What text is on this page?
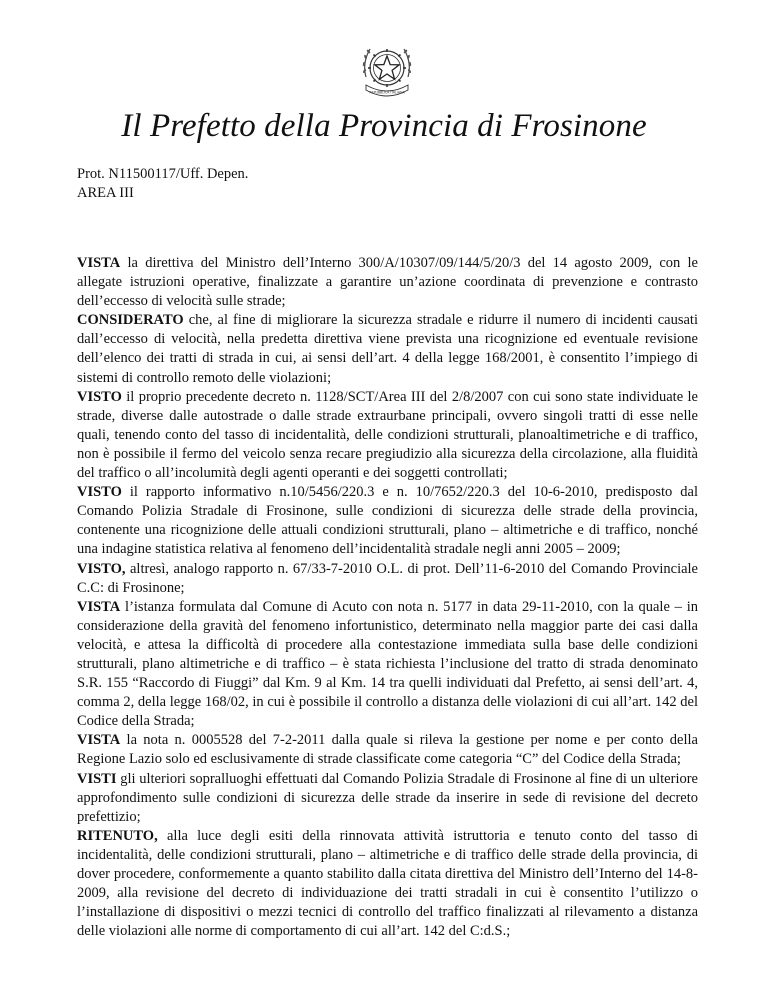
REPUBBLICA ITALIANA
Il Prefetto della Provincia di Frosinone
Prot. N11500117/Uff. Depen.
AREA III

VISTA la direttiva del Ministro dell’Interno 300/A/10307/09/144/5/20/3 del 14 agosto 2009, con le allegate istruzioni operative, finalizzate a garantire un’azione coordinata di prevenzione e contrasto dell’eccesso di velocità sulle strade;

CONSIDERATO che, al fine di migliorare la sicurezza stradale e ridurre il numero di incidenti causati dall’eccesso di velocità, nella predetta direttiva viene prevista una ricognizione ed eventuale revisione dell’elenco dei tratti di strada in cui, ai sensi dell’art. 4 della legge 168/2001, è consentito l’impiego di sistemi di controllo remoto delle violazioni;

VISTO il proprio precedente decreto n. 1128/SCT/Area III del 2/8/2007 con cui sono state individuate le strade, diverse dalle autostrade o dalle strade extraurbane principali, ovvero singoli tratti di esse nelle quali, tenendo conto del tasso di incidentalità, delle condizioni strutturali, planoaltimetriche e di traffico, non è possibile il fermo del veicolo senza recare pregiudizio alla sicurezza della circolazione, alla fluidità del traffico o all’incolumità degli agenti operanti e dei soggetti controllati;

VISTO il rapporto informativo n.10/5456/220.3 e n. 10/7652/220.3 del 10-6-2010, predisposto dal Comando Polizia Stradale di Frosinone, sulle condizioni di sicurezza delle strade della provincia, contenente una ricognizione delle attuali condizioni strutturali, plano – altimetriche e di traffico, nonché una indagine statistica relativa al fenomeno dell’incidentalità stradale negli anni 2005 – 2009;

VISTO, altresì, analogo rapporto n. 67/33-7-2010 O.L. di prot. Dell’11-6-2010 del Comando Provinciale C.C: di Frosinone;

VISTA l’istanza formulata dal Comune di Acuto con nota n. 5177 in data 29-11-2010, con la quale – in considerazione della gravità del fenomeno infortunistico, determinato nella maggior parte dei casi dalla velocità, e attesa la difficoltà di procedere alla contestazione immediata sulla base delle condizioni strutturali, plano altimetriche e di traffico – è stata richiesta l’inclusione del tratto di strada denominato S.R. 155 “Raccordo di Fiuggi” dal Km. 9 al Km. 14 tra quelli individuati dal Prefetto, ai sensi dell’art. 4, comma 2, della legge 168/02, in cui è possibile il controllo a distanza delle violazioni di cui all’art. 142 del Codice della Strada;

VISTA la nota n. 0005528 del 7-2-2011 dalla quale si rileva la gestione per nome e per conto della Regione Lazio solo ed esclusivamente di strade classificate come categoria “C” del Codice della Strada;

VISTI gli ulteriori sopralluoghi effettuati dal Comando Polizia Stradale di Frosinone al fine di un ulteriore approfondimento sulle condizioni di sicurezza delle strade da inserire in sede di revisione del decreto prefettizio;

RITENUTO, alla luce degli esiti della rinnovata attività istruttoria e tenuto conto del tasso di incidentalità, delle condizioni strutturali, plano – altimetriche e di traffico delle strade della provincia, di dover procedere, conformemente a quanto stabilito dalla citata direttiva del Ministro dell’Interno del 14-8-2009, alla revisione del decreto di individuazione dei tratti stradali in cui è consentito l’utilizzo o l’installazione di dispositivi o mezzi tecnici di controllo del traffico finalizzati al rilevamento a distanza delle violazioni alle norme di comportamento di cui all’art. 142 del C:d.S.;
